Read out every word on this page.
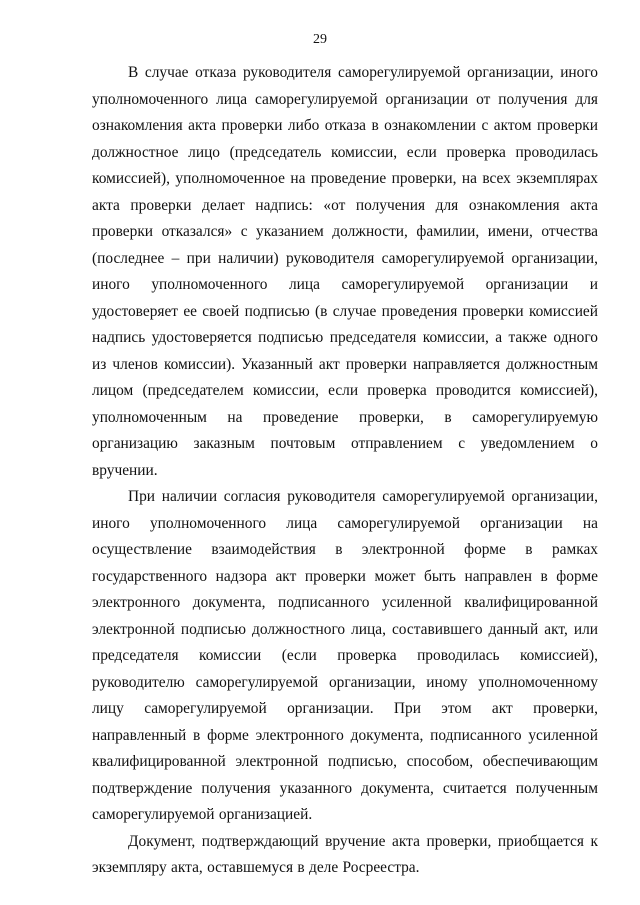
29

В случае отказа руководителя саморегулируемой организации, иного уполномоченного лица саморегулируемой организации от получения для ознакомления акта проверки либо отказа в ознакомлении с актом проверки должностное лицо (председатель комиссии, если проверка проводилась комиссией), уполномоченное на проведение проверки, на всех экземплярах акта проверки делает надпись: «от получения для ознакомления акта проверки отказался» с указанием должности, фамилии, имени, отчества (последнее – при наличии) руководителя саморегулируемой организации, иного уполномоченного лица саморегулируемой организации и удостоверяет ее своей подписью (в случае проведения проверки комиссией надпись удостоверяется подписью председателя комиссии, а также одного из членов комиссии). Указанный акт проверки направляется должностным лицом (председателем комиссии, если проверка проводится комиссией), уполномоченным на проведение проверки, в саморегулируемую организацию заказным почтовым отправлением с уведомлением о вручении.

При наличии согласия руководителя саморегулируемой организации, иного уполномоченного лица саморегулируемой организации на осуществление взаимодействия в электронной форме в рамках государственного надзора акт проверки может быть направлен в форме электронного документа, подписанного усиленной квалифицированной электронной подписью должностного лица, составившего данный акт, или председателя комиссии (если проверка проводилась комиссией), руководителю саморегулируемой организации, иному уполномоченному лицу саморегулируемой организации. При этом акт проверки, направленный в форме электронного документа, подписанного усиленной квалифицированной электронной подписью, способом, обеспечивающим подтверждение получения указанного документа, считается полученным саморегулируемой организацией.

Документ, подтверждающий вручение акта проверки, приобщается к экземпляру акта, оставшемуся в деле Росреестра.
